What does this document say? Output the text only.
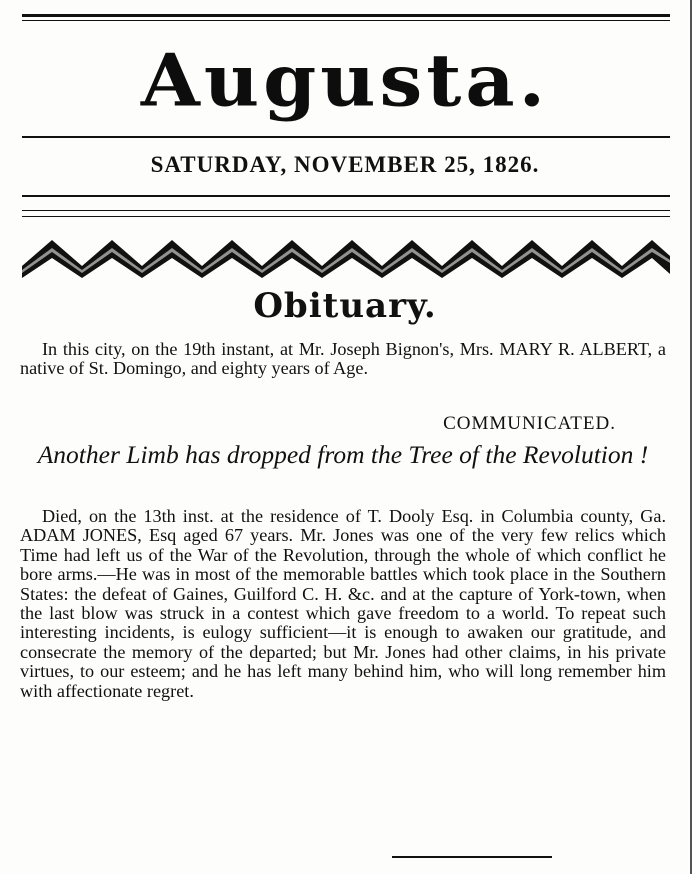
Augusta.
SATURDAY, NOVEMBER 25, 1826.
Obituary.

In this city, on the 19th instant, at Mr. Joseph Bignon's, Mrs. MARY R. ALBERT, a native of St. Domingo, and eighty years of Age.

COMMUNICATED.

Another Limb has dropped from the Tree of the Revolution !

Died, on the 13th inst. at the residence of T. Dooly Esq. in Columbia county, Ga. ADAM JONES, Esq aged 67 years. Mr. Jones was one of the very few relics which Time had left us of the War of the Revolution, through the whole of which conflict he bore arms.—He was in most of the memorable battles which took place in the Southern States: the defeat of Gaines, Guilford C. H. &c. and at the capture of York-town, when the last blow was struck in a contest which gave freedom to a world. To repeat such interesting incidents, is eulogy sufficient—it is enough to awaken our gratitude, and consecrate the memory of the departed; but Mr. Jones had other claims, in his private virtues, to our esteem; and he has left many behind him, who will long remember him with affectionate regret.
